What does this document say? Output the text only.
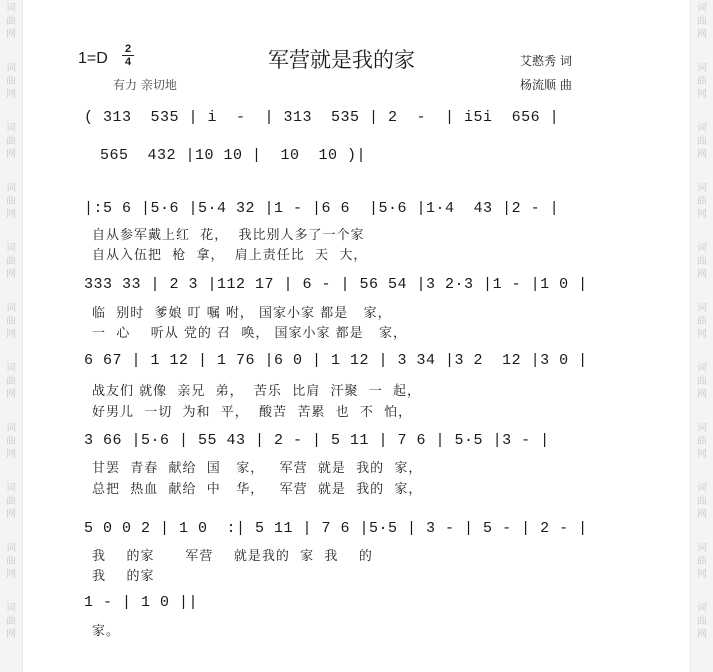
词
曲
网
词
曲
网
词
曲
网
词
曲
网
词
曲
网
词
曲
网
词
曲
网
词
曲
网
词
曲
网
词
曲
网
词
曲
网
词
曲
网
词
曲
网
词
曲
网
词
曲
网
词
曲
网
词
曲
网
词
曲
网
词
曲
网
词
曲
网
词
曲
网
词
曲
网
1=D
2
4	军营就是我的家
有力 亲切地
艾憨秀 词
杨流顺 曲
( 313  535 | i  -  | 313  535 | 2  -  | i5i  656 |
565  432 |10 10 |  10  10 )|
|:5 6 |5·6 |5·4 32 |1 - |6 6  |5·6 |1·4  43 |2 - |
自从参军戴上红  花，  我比别人多了一个家
自从入伍把  枪  拿，  肩上责任比  天  大，
333 33 | 2 3 |112 17 | 6 - | 56 54 |3 2·3 |1 - |1 0 |
临  别时  爹娘 叮 嘱 咐， 国家小家 都是   家，
一  心    听从 党的 召  唤， 国家小家 都是   家，
6 67 | 1 12 | 1 76 |6 0 | 1 12 | 3 34 |3 2  12 |3 0 |
战友们 就像  亲兄  弟，  苦乐  比肩  汗聚  一  起，
好男儿  一切  为和  平，  酸苦  苦累  也  不  怕，
3 66 |5·6 | 55 43 | 2 - | 5 11 | 7 6 | 5·5 |3 - |
甘罢  青春  献给  国   家，   军营  就是  我的  家，
总把  热血  献给  中   华，   军营  就是  我的  家，
5 0 0 2 | 1 0  :| 5 11 | 7 6 |5·5 | 3 - | 5 - | 2 - |
我    的家      军营    就是我的  家  我    的
我    的家
1 - | 1 0 ||
家。
